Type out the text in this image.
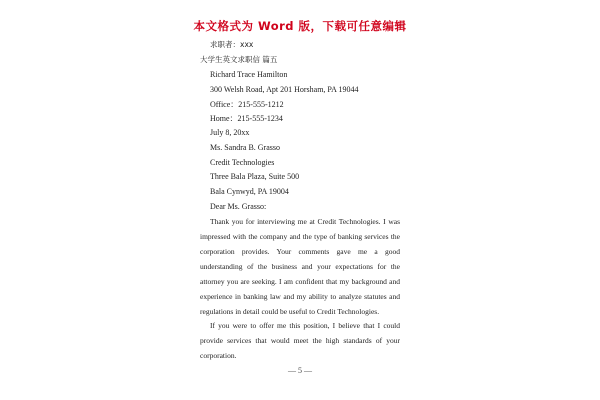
本文格式为 Word 版，下载可任意编辑
求职者：xxx
大学生英文求职信 篇五
Richard Trace Hamilton
300 Welsh Road, Apt 201 Horsham, PA 19044
Office：215-555-1212
Home：215-555-1234
July 8, 20xx
Ms. Sandra B. Grasso
Credit Technologies
Three Bala Plaza, Suite 500
Bala Cynwyd, PA 19004
Dear Ms. Grasso:
Thank you for interviewing me at Credit Technologies. I was impressed with the company and the type of banking services the corporation provides. Your comments gave me a good understanding of the business and your expectations for the attorney you are seeking. I am confident that my background and experience in banking law and my ability to analyze statutes and regulations in detail could be useful to Credit Technologies.
If you were to offer me this position, I believe that I could provide services that would meet the high standards of your corporation.
— 5 —
